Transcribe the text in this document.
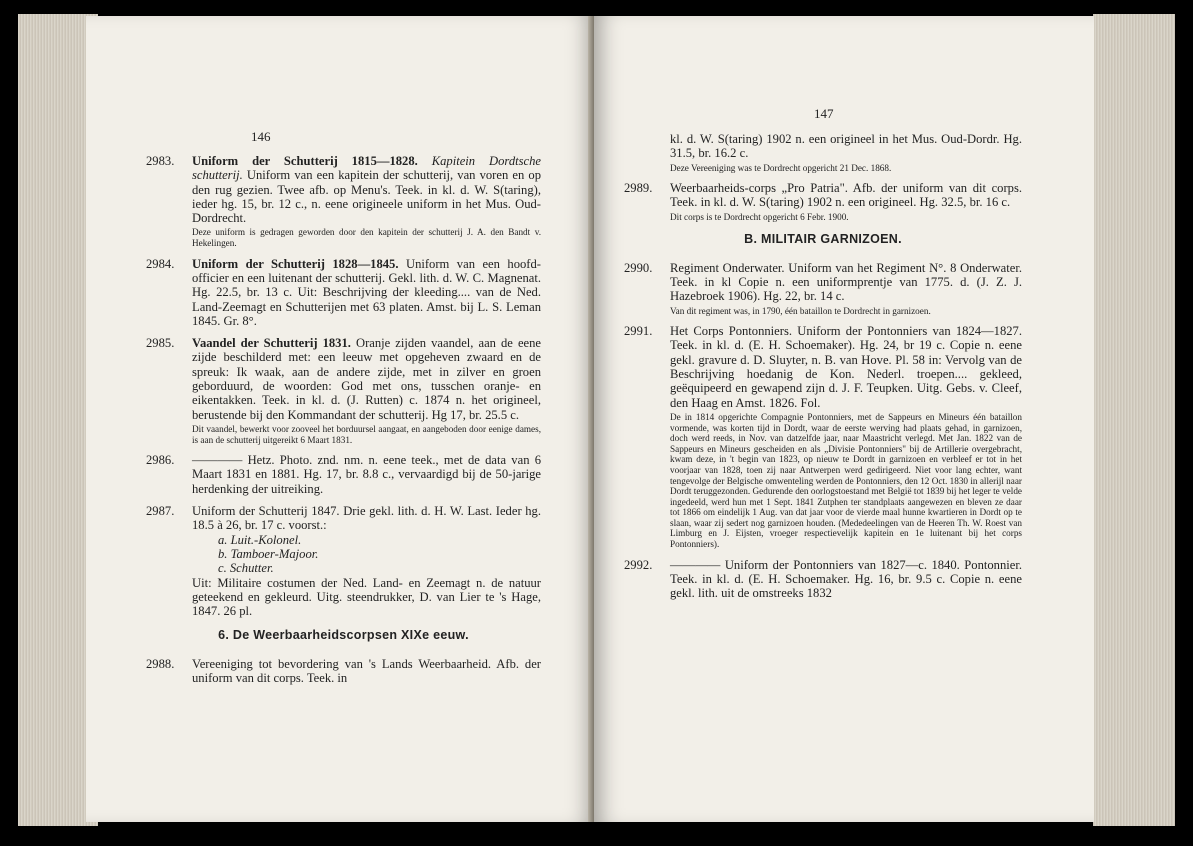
146
2983. Uniform der Schutterij 1815—1828. Kapitein Dordtsche schutterij. Uniform van een kapitein der schutterij, van voren en op den rug gezien. Twee afb. op Menu's. Teek. in kl. d. W. S(taring), ieder hg. 15, br. 12 c., n. eene origineele uniform in het Mus. Oud-Dordrecht.
Deze uniform is gedragen geworden door den kapitein der schutterij J. A. den Bandt v. Hekelingen.
2984. Uniform der Schutterij 1828—1845. Uniform van een hoofd-officier en een luitenant der schutterij. Gekl. lith. d. W. C. Magnenat. Hg. 22.5, br. 13 c. Uit: Beschrijving der kleeding.... van de Ned. Land-Zeemagt en Schutterijen met 63 platen. Amst. bij L. S. Leman 1845. Gr. 8°.
2985. Vaandel der Schutterij 1831. Oranje zijden vaandel, aan de eene zijde beschilderd met: een leeuw met opgeheven zwaard en de spreuk: Ik waak, aan de andere zijde, met in zilver en groen geborduurd, de woorden: God met ons, tusschen oranje- en eikentakken. Teek. in kl. d. (J. Rutten) c. 1874 n. het origineel, berustende bij den Kommandant der schutterij. Hg 17, br. 25.5 c.
Dit vaandel, bewerkt voor zooveel het borduursel aangaat, en aangeboden door eenige dames, is aan de schutterij uitgereikt 6 Maart 1831.
2986. ———— Hetz. Photo. znd. nm. n. eene teek., met de data van 6 Maart 1831 en 1881. Hg. 17, br. 8.8 c., vervaardigd bij de 50-jarige herdenking der uitreiking.
2987. Uniform der Schutterij 1847. Drie gekl. lith. d. H. W. Last. Ieder hg. 18.5 à 26, br. 17 c. voorst.:
a. Luit.-Kolonel.
b. Tamboer-Majoor.
c. Schutter.
Uit: Militaire costumen der Ned. Land- en Zeemagt n. de natuur geteekend en gekleurd. Uitg. steendrukker, D. van Lier te 's Hage, 1847. 26 pl.
6. De Weerbaarheidscorpsen XIXe eeuw.
2988. Vereeniging tot bevordering van 's Lands Weerbaarheid. Afb. der uniform van dit corps. Teek. in
147
kl. d. W. S(taring) 1902 n. een origineel in het Mus. Oud-Dordr. Hg. 31.5, br. 16.2 c.
Deze Vereeniging was te Dordrecht opgericht 21 Dec. 1868.
2989. Weerbaarheids-corps „Pro Patria". Afb. der uniform van dit corps. Teek. in kl. d. W. S(taring) 1902 n. een origineel. Hg. 32.5, br. 16 c.
Dit corps is te Dordrecht opgericht 6 Febr. 1900.
B. MILITAIR GARNIZOEN.
2990. Regiment Onderwater. Uniform van het Regiment N°. 8 Onderwater. Teek. in kl Copie n. een uniformprentje van 1775. d. (J. Z. J. Hazebroek 1906). Hg. 22, br. 14 c.
Van dit regiment was, in 1790, één bataillon te Dordrecht in garnizoen.
2991. Het Corps Pontonniers. Uniform der Pontonniers van 1824—1827. Teek. in kl. d. (E. H. Schoemaker). Hg. 24, br 19 c. Copie n. eene gekl. gravure d. D. Sluyter, n. B. van Hove. Pl. 58 in: Vervolg van de Beschrijving hoedanig de Kon. Nederl. troepen.... gekleed, geëquipeerd en gewapend zijn d. J. F. Teupken. Uitg. Gebs. v. Cleef, den Haag en Amst. 1826. Fol.
De in 1814 opgerichte Compagnie Pontonniers, met de Sappeurs en Mineurs één bataillon vormende, was korten tijd in Dordt, waar de eerste werving had plaats gehad, in garnizoen, doch werd reeds, in Nov. van datzelfde jaar, naar Maastricht verlegd. Met Jan. 1822 van de Sappeurs en Mineurs gescheiden en als „Divisie Pontonniers" bij de Artillerie overgebracht, kwam deze, in 't begin van 1823, op nieuw te Dordt in garnizoen en verbleef er tot in het voorjaar van 1828, toen zij naar Antwerpen werd gedirigeerd. Niet voor lang echter, want tengevolge der Belgische omwenteling werden de Pontonniers, den 12 Oct. 1830 in allerijl naar Dordt teruggezonden. Gedurende den oorlogstoestand met België tot 1839 bij het leger te velde ingedeeld, werd hun met 1 Sept. 1841 Zutphen ter standplaats aangewezen en bleven ze daar tot 1866 om eindelijk 1 Aug. van dat jaar voor de vierde maal hunne kwartieren in Dordt op te slaan, waar zij sedert nog garnizoen houden. (Mededeelingen van de Heeren Th. W. Roest van Limburg en J. Eijsten, vroeger respectievelijk kapitein en 1e luitenant bij het corps Pontonniers).
2992. ———— Uniform der Pontonniers van 1827—c. 1840. Pontonnier. Teek. in kl. d. (E. H. Schoemaker. Hg. 16, br. 9.5 c. Copie n. eene gekl. lith. uit de omstreeks 1832
